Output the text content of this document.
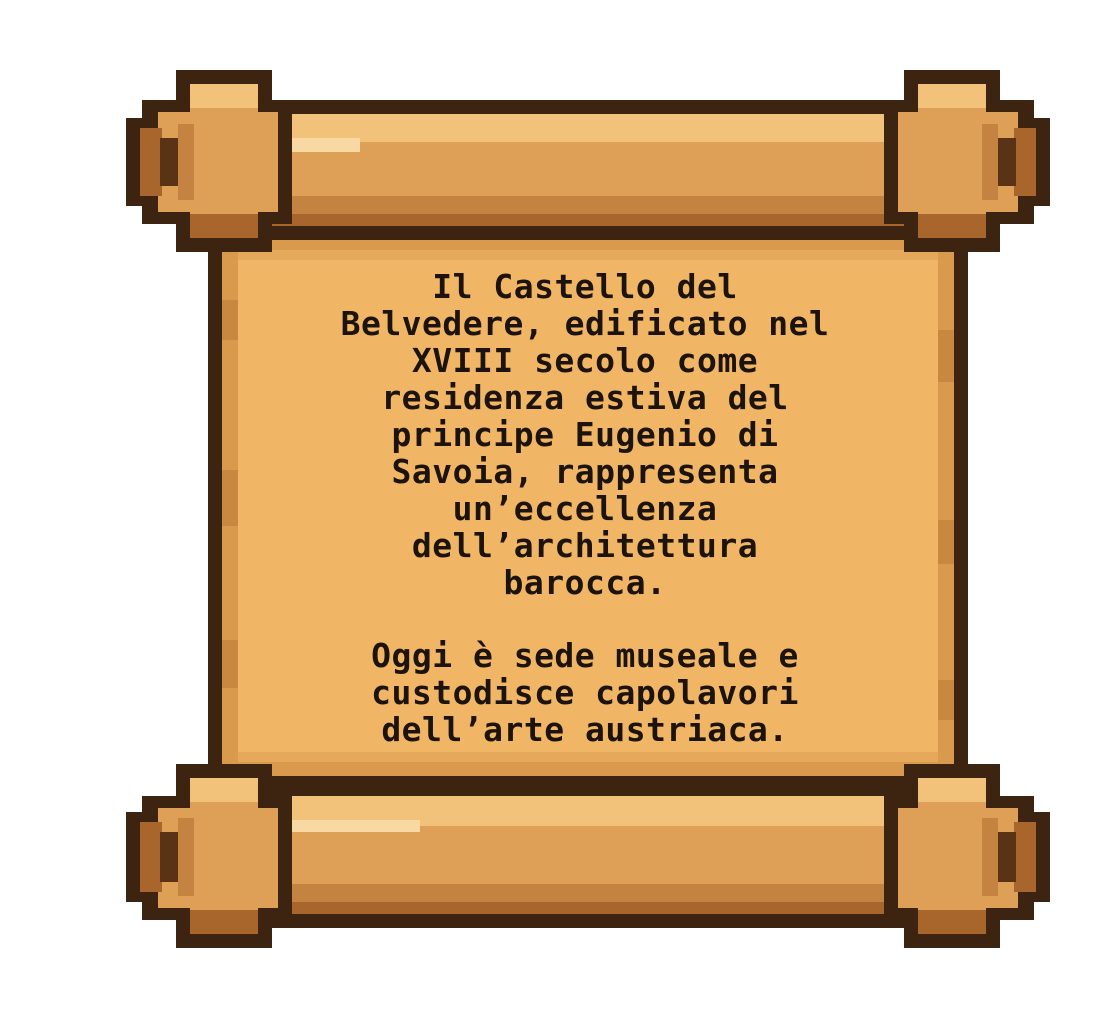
Il Castello del
Belvedere, edificato nel
XVIII secolo come
residenza estiva del
principe Eugenio di
Savoia, rappresenta
un’eccellenza
dell’architettura
barocca.

Oggi è sede museale e
custodisce capolavori
dell’arte austriaca.
